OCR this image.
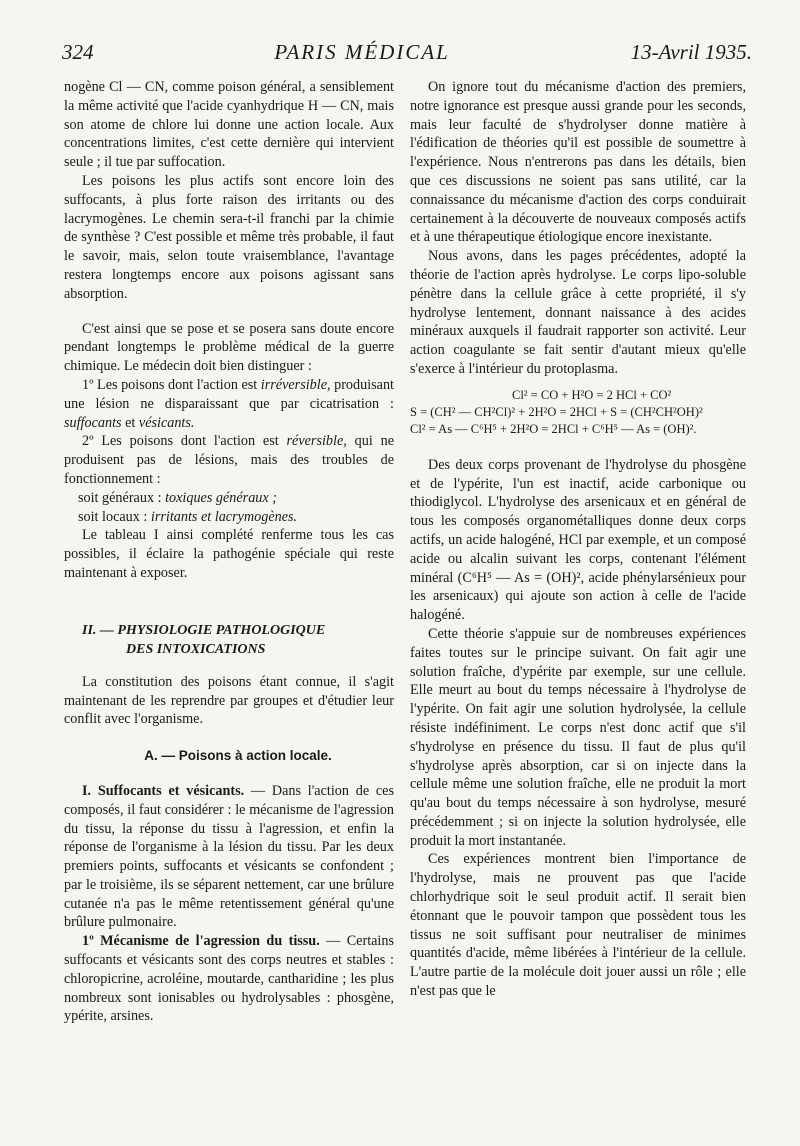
324	PARIS MÉDICAL	13-Avril 1935.

nogène Cl — CN, comme poison général, a sensiblement la même activité que l'acide cyanhydrique H — CN, mais son atome de chlore lui donne une action locale. Aux concentrations limites, c'est cette dernière qui intervient seule ; il tue par suffocation.

Les poisons les plus actifs sont encore loin des suffocants, à plus forte raison des irritants ou des lacrymogènes. Le chemin sera-t-il franchi par la chimie de synthèse ? C'est possible et même très probable, il faut le savoir, mais, selon toute vraisemblance, l'avantage restera longtemps encore aux poisons agissant sans absorption.

C'est ainsi que se pose et se posera sans doute encore pendant longtemps le problème médical de la guerre chimique. Le médecin doit bien distinguer :

1º Les poisons dont l'action est irréversible, produisant une lésion ne disparaissant que par cicatrisation : suffocants et vésicants.

2º Les poisons dont l'action est réversible, qui ne produisent pas de lésions, mais des troubles de fonctionnement :

soit généraux : toxiques généraux ;

soit locaux : irritants et lacrymogènes.

Le tableau I ainsi complété renferme tous les cas possibles, il éclaire la pathogénie spéciale qui reste maintenant à exposer.

II. — PHYSIOLOGIE PATHOLOGIQUE

DES INTOXICATIONS

La constitution des poisons étant connue, il s'agit maintenant de les reprendre par groupes et d'étudier leur conflit avec l'organisme.

A. — Poisons à action locale.

I. Suffocants et vésicants. — Dans l'action de ces composés, il faut considérer : le mécanisme de l'agression du tissu, la réponse du tissu à l'agression, et enfin la réponse de l'organisme à la lésion du tissu. Par les deux premiers points, suffocants et vésicants se confondent ; par le troisième, ils se séparent nettement, car une brûlure cutanée n'a pas le même retentissement général qu'une brûlure pulmonaire.

1º Mécanisme de l'agression du tissu. — Certains suffocants et vésicants sont des corps neutres et stables : chloropicrine, acroléine, moutarde, cantharidine ; les plus nombreux sont ionisables ou hydrolysables : phosgène, ypérite, arsines.

On ignore tout du mécanisme d'action des premiers, notre ignorance est presque aussi grande pour les seconds, mais leur faculté de s'hydrolyser donne matière à l'édification de théories qu'il est possible de soumettre à l'expérience. Nous n'entrerons pas dans les détails, bien que ces discussions ne soient pas sans utilité, car la connaissance du mécanisme d'action des corps conduirait certainement à la découverte de nouveaux composés actifs et à une thérapeutique étiologique encore inexistante.

Nous avons, dans les pages précédentes, adopté la théorie de l'action après hydrolyse. Le corps lipo-soluble pénètre dans la cellule grâce à cette propriété, il s'y hydrolyse lentement, donnant naissance à des acides minéraux auxquels il faudrait rapporter son activité. Leur action coagulante se fait sentir d'autant mieux qu'elle s'exerce à l'intérieur du protoplasma.

Cl² = CO + H²O = 2 HCl + CO²
S = (CH² — CH²Cl)² + 2H²O = 2HCl + S = (CH²CH²OH)²
Cl² = As — C⁶H⁵ + 2H²O = 2HCl + C⁶H⁵ — As = (OH)².

Des deux corps provenant de l'hydrolyse du phosgène et de l'ypérite, l'un est inactif, acide carbonique ou thiodiglycol. L'hydrolyse des arsenicaux et en général de tous les composés organométalliques donne deux corps actifs, un acide halogéné, HCl par exemple, et un composé acide ou alcalin suivant les corps, contenant l'élément minéral (C⁶H⁵ — As = (OH)², acide phénylarsénieux pour les arsenicaux) qui ajoute son action à celle de l'acide halogéné.

Cette théorie s'appuie sur de nombreuses expériences faites toutes sur le principe suivant. On fait agir une solution fraîche, d'ypérite par exemple, sur une cellule. Elle meurt au bout du temps nécessaire à l'hydrolyse de l'ypérite. On fait agir une solution hydrolysée, la cellule résiste indéfiniment. Le corps n'est donc actif que s'il s'hydrolyse en présence du tissu. Il faut de plus qu'il s'hydrolyse après absorption, car si on injecte dans la cellule même une solution fraîche, elle ne produit la mort qu'au bout du temps nécessaire à son hydrolyse, mesuré précédemment ; si on injecte la solution hydrolysée, elle produit la mort instantanée.

Ces expériences montrent bien l'importance de l'hydrolyse, mais ne prouvent pas que l'acide chlorhydrique soit le seul produit actif. Il serait bien étonnant que le pouvoir tampon que possèdent tous les tissus ne soit suffisant pour neutraliser de minimes quantités d'acide, même libérées à l'intérieur de la cellule. L'autre partie de la molécule doit jouer aussi un rôle ; elle n'est pas que le
